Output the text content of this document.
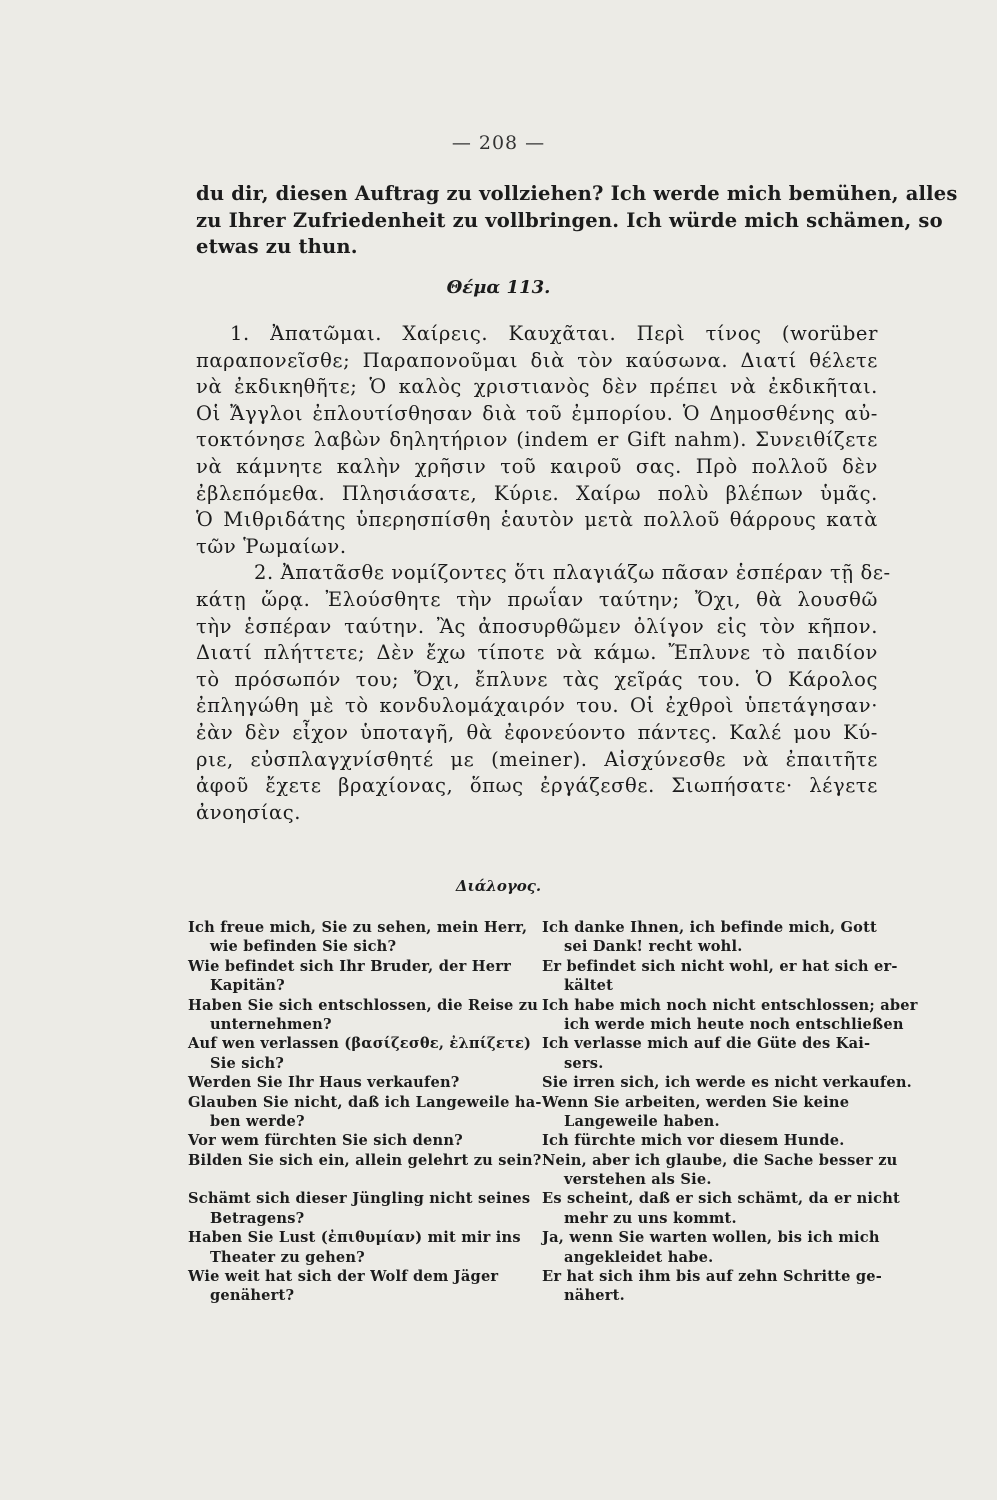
— 208 —
du dir, diesen Auftrag zu vollziehen? Ich werde mich bemühen, alles
zu Ihrer Zufriedenheit zu vollbringen. Ich würde mich schämen, so
etwas zu thun.
Θέμα 113.
1. Ἀπατῶμαι. Χαίρεις. Καυχᾶται. Περὶ τίνος (worüber
παραπονεῖσθε; Παραπονοῦμαι διὰ τὸν καύσωνα. Διατί θέλετε
νὰ ἐκδικηθῆτε; Ὁ καλὸς χριστιανὸς δὲν πρέπει νὰ ἐκδικῆται.
Οἱ Ἄγγλοι ἐπλουτίσθησαν διὰ τοῦ ἐμπορίου. Ὁ Δημοσθένης αὐ-
τοκτόνησε λαβὼν δηλητήριον (indem er Gift nahm). Συνειθίζετε
νὰ κάμνητε καλὴν χρῆσιν τοῦ καιροῦ σας. Πρὸ πολλοῦ δὲν
ἐβλεπόμεθα. Πλησιάσατε, Κύριε. Χαίρω πολὺ βλέπων ὑμᾶς.
Ὁ Μιθριδάτης ὑπερησπίσθη ἑαυτὸν μετὰ πολλοῦ θάρρους κατὰ
τῶν Ῥωμαίων.
2. Ἀπατᾶσθε νομίζοντες ὅτι πλαγιάζω πᾶσαν ἑσπέραν τῇ δε-
κάτῃ ὥρᾳ. Ἐλούσθητε τὴν πρωΐαν ταύτην; Ὄχι, θὰ λουσθῶ
τὴν ἑσπέραν ταύτην. Ἂς ἀποσυρθῶμεν ὀλίγον εἰς τὸν κῆπον.
Διατί πλήττετε; Δὲν ἔχω τίποτε νὰ κάμω. Ἔπλυνε τὸ παιδίον
τὸ πρόσωπόν του; Ὄχι, ἔπλυνε τὰς χεῖράς του. Ὁ Κάρολος
ἐπληγώθη μὲ τὸ κονδυλομάχαιρόν του. Οἱ ἐχθροὶ ὑπετάγησαν·
ἐὰν δὲν εἶχον ὑποταγῆ, θὰ ἐφονεύοντο πάντες. Καλέ μου Κύ-
ριε, εὐσπλαγχνίσθητέ με (meiner). Αἰσχύνεσθε νὰ ἐπαιτῆτε
ἀφοῦ ἔχετε βραχίονας, ὅπως ἐργάζεσθε. Σιωπήσατε· λέγετε
ἀνοησίας.
Διάλογος.
Ich freue mich, Sie zu sehen, mein Herr,
wie befinden Sie sich?
Ich danke Ihnen, ich befinde mich, Gott
sei Dank! recht wohl.
Wie befindet sich Ihr Bruder, der Herr
Kapitän?
Er befindet sich nicht wohl, er hat sich er-
kältet
Haben Sie sich entschlossen, die Reise zu
unternehmen?
Ich habe mich noch nicht entschlossen; aber
ich werde mich heute noch entschließen
Auf wen verlassen (βασίζεσθε, ἐλπίζετε)
Sie sich?
Ich verlasse mich auf die Güte des Kai-
sers.
Werden Sie Ihr Haus verkaufen?	Sie irren sich, ich werde es nicht verkaufen.
Glauben Sie nicht, daß ich Langeweile ha-
ben werde?
Wenn Sie arbeiten, werden Sie keine
Langeweile haben.
Vor wem fürchten Sie sich denn?	Ich fürchte mich vor diesem Hunde.
Bilden Sie sich ein, allein gelehrt zu sein? Nein, aber ich glaube, die Sache besser zu
verstehen als Sie.
Schämt sich dieser Jüngling nicht seines
Betragens?
Es scheint, daß er sich schämt, da er nicht
mehr zu uns kommt.
Haben Sie Lust (ἐπιθυμίαν) mit mir ins
Theater zu gehen?
Ja, wenn Sie warten wollen, bis ich mich
angekleidet habe.
Wie weit hat sich der Wolf dem Jäger
genähert?
Er hat sich ihm bis auf zehn Schritte ge-
nähert.
